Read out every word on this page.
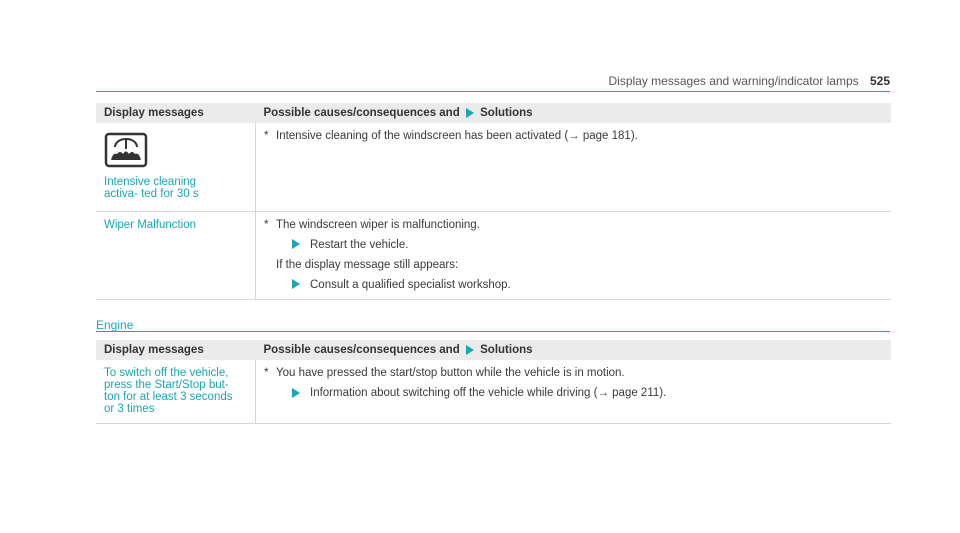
Display messages and warning/indicator lamps 525
Display messages	Possible causes/consequences and Solutions

Intensive cleaning activa- ted for 30 s	* Intensive cleaning of the windscreen has been activated (→ page 181).

Wiper Malfunction	* The windscreen wiper is malfunctioning.
Restart the vehicle.
If the display message still appears:
Consult a qualified specialist workshop.
Engine
Display messages	Possible causes/consequences and Solutions

To switch off the vehicle, press the Start/Stop but- ton for at least 3 seconds or 3 times	* You have pressed the start/stop button while the vehicle is in motion.
Information about switching off the vehicle while driving (→ page 211).
